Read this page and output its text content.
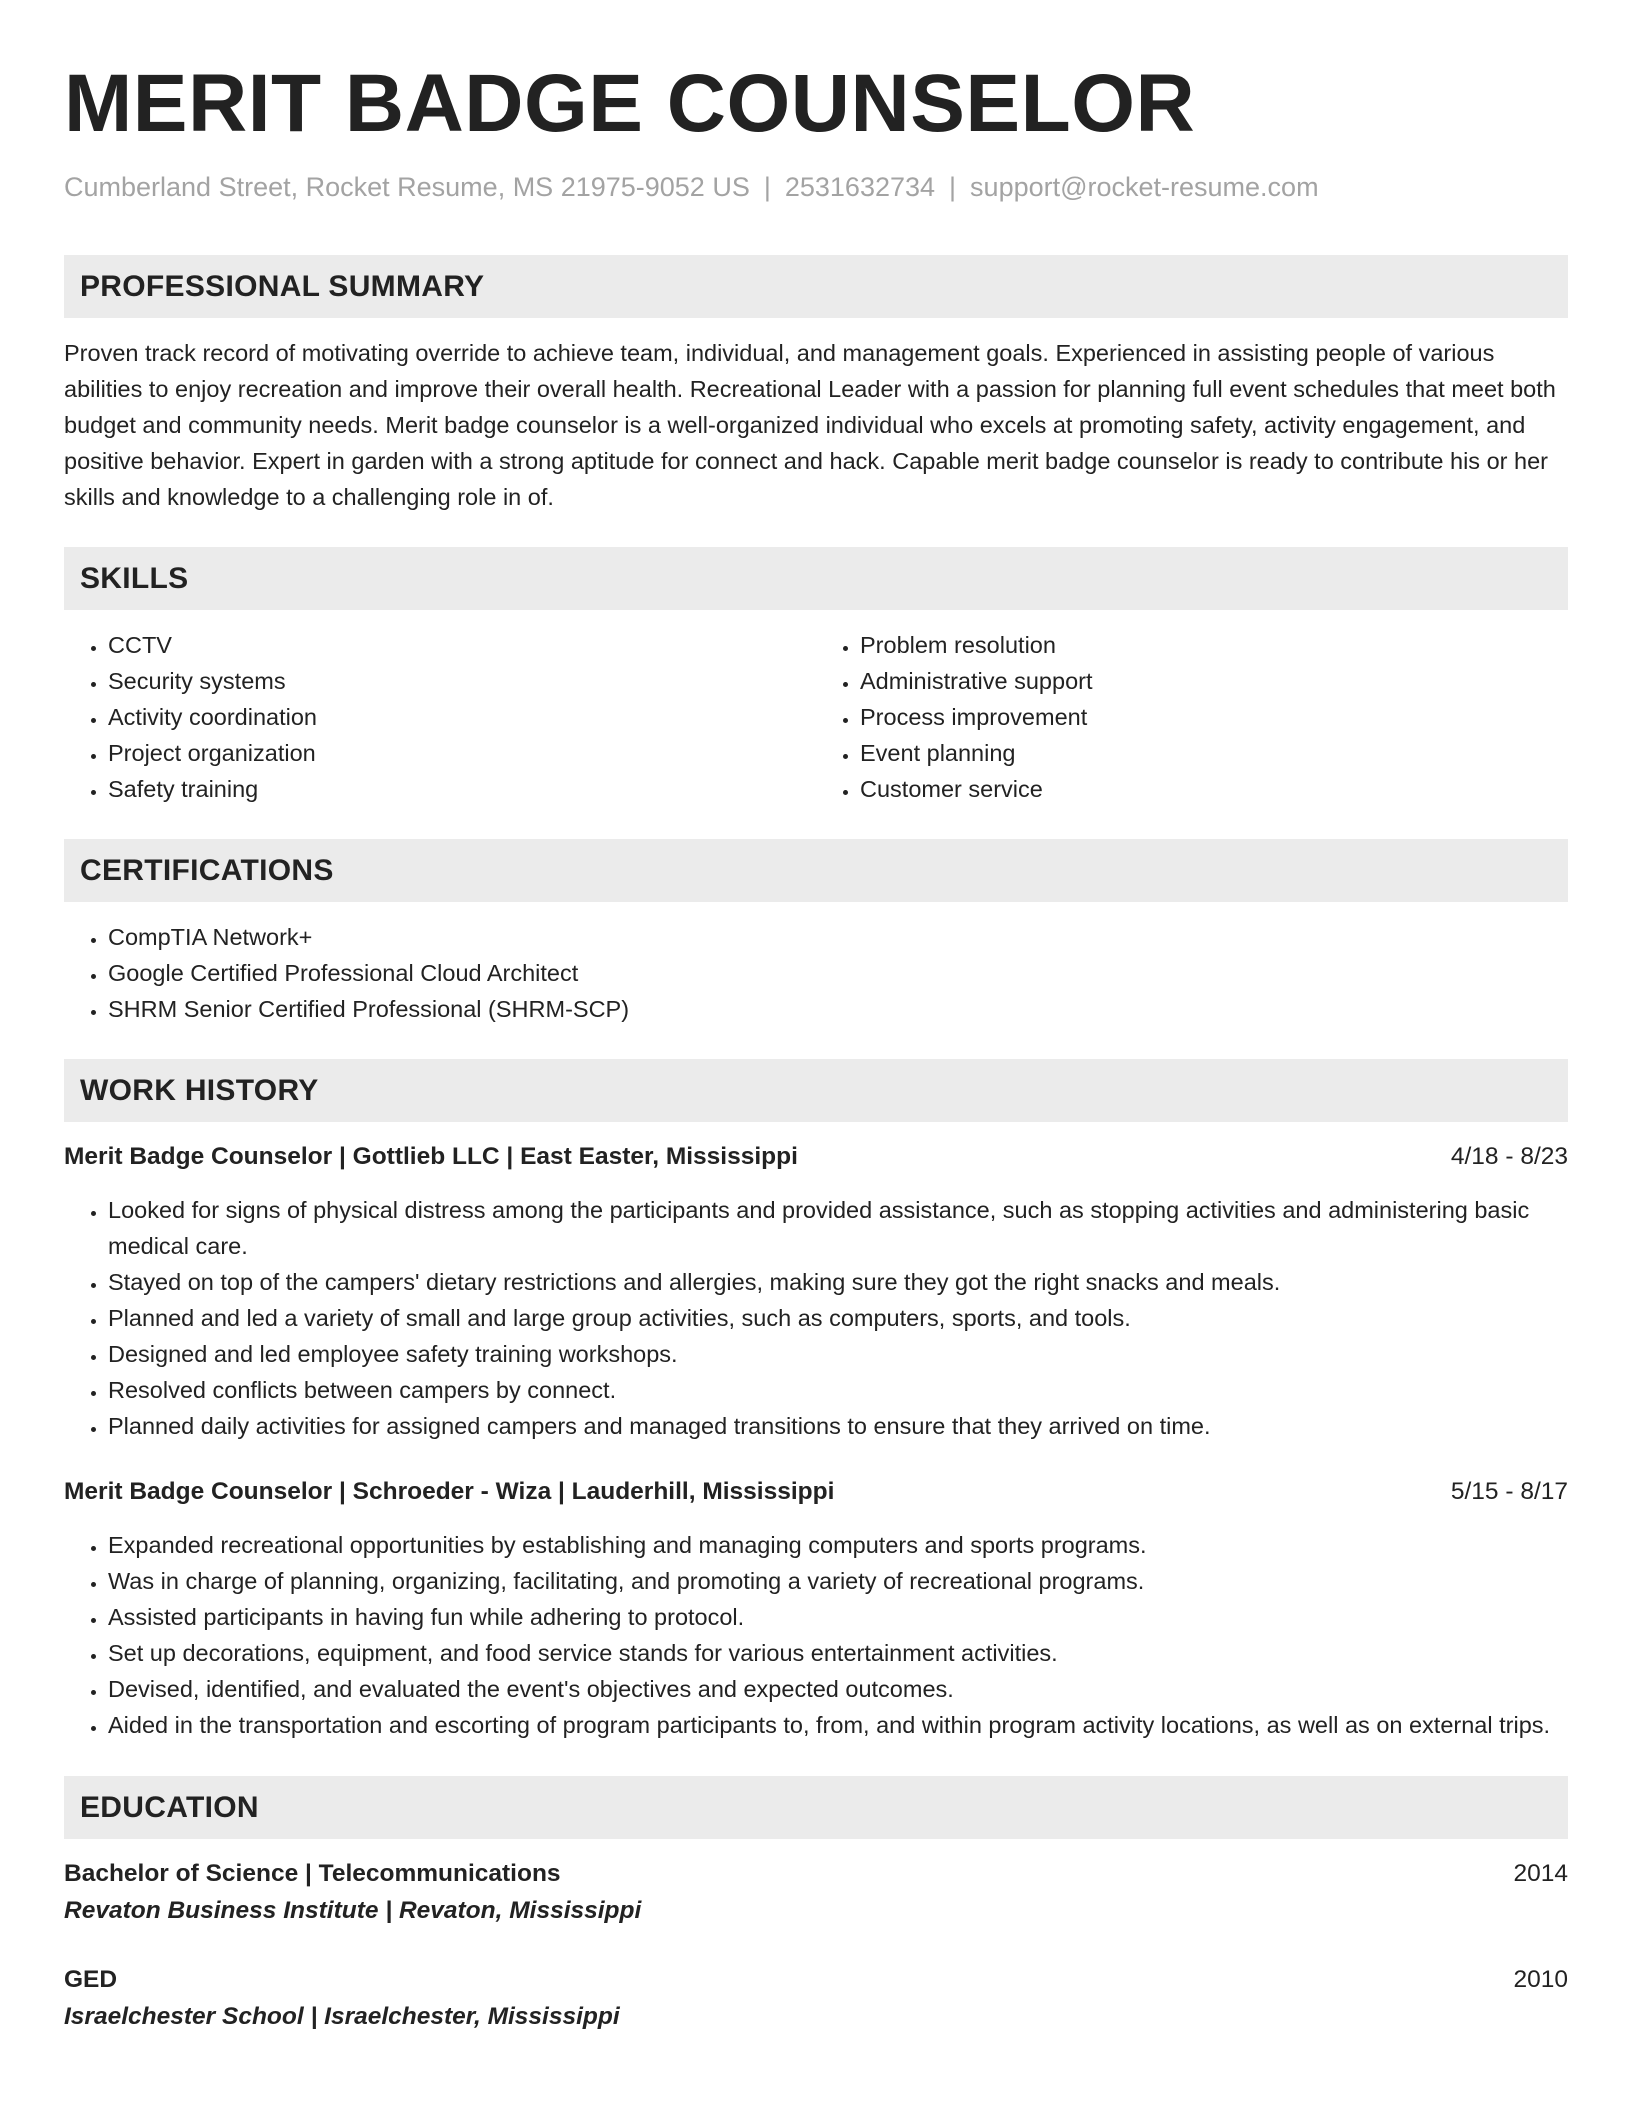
MERIT BADGE COUNSELOR
Cumberland Street, Rocket Resume, MS 21975-9052 US | 2531632734 | support@rocket-resume.com
PROFESSIONAL SUMMARY

Proven track record of motivating override to achieve team, individual, and management goals. Experienced in assisting people of various abilities to enjoy recreation and improve their overall health. Recreational Leader with a passion for planning full event schedules that meet both budget and community needs. Merit badge counselor is a well-organized individual who excels at promoting safety, activity engagement, and positive behavior. Expert in garden with a strong aptitude for connect and hack. Capable merit badge counselor is ready to contribute his or her skills and knowledge to a challenging role in of.

SKILLS
• CCTV
• Security systems
• Activity coordination
• Project organization
• Safety training
• Problem resolution
• Administrative support
• Process improvement
• Event planning
• Customer service
CERTIFICATIONS
• CompTIA Network+
• Google Certified Professional Cloud Architect
• SHRM Senior Certified Professional (SHRM-SCP)
WORK HISTORY
Merit Badge Counselor | Gottlieb LLC | East Easter, Mississippi	4/18 - 8/23
• Looked for signs of physical distress among the participants and provided assistance, such as stopping activities and administering basic medical care.
• Stayed on top of the campers' dietary restrictions and allergies, making sure they got the right snacks and meals.
• Planned and led a variety of small and large group activities, such as computers, sports, and tools.
• Designed and led employee safety training workshops.
• Resolved conflicts between campers by connect.
• Planned daily activities for assigned campers and managed transitions to ensure that they arrived on time.
Merit Badge Counselor | Schroeder - Wiza | Lauderhill, Mississippi	5/15 - 8/17
• Expanded recreational opportunities by establishing and managing computers and sports programs.
• Was in charge of planning, organizing, facilitating, and promoting a variety of recreational programs.
• Assisted participants in having fun while adhering to protocol.
• Set up decorations, equipment, and food service stands for various entertainment activities.
• Devised, identified, and evaluated the event's objectives and expected outcomes.
• Aided in the transportation and escorting of program participants to, from, and within program activity locations, as well as on external trips.
EDUCATION
Bachelor of Science | Telecommunications	2014
Revaton Business Institute | Revaton, Mississippi
GED	2010
Israelchester School | Israelchester, Mississippi
